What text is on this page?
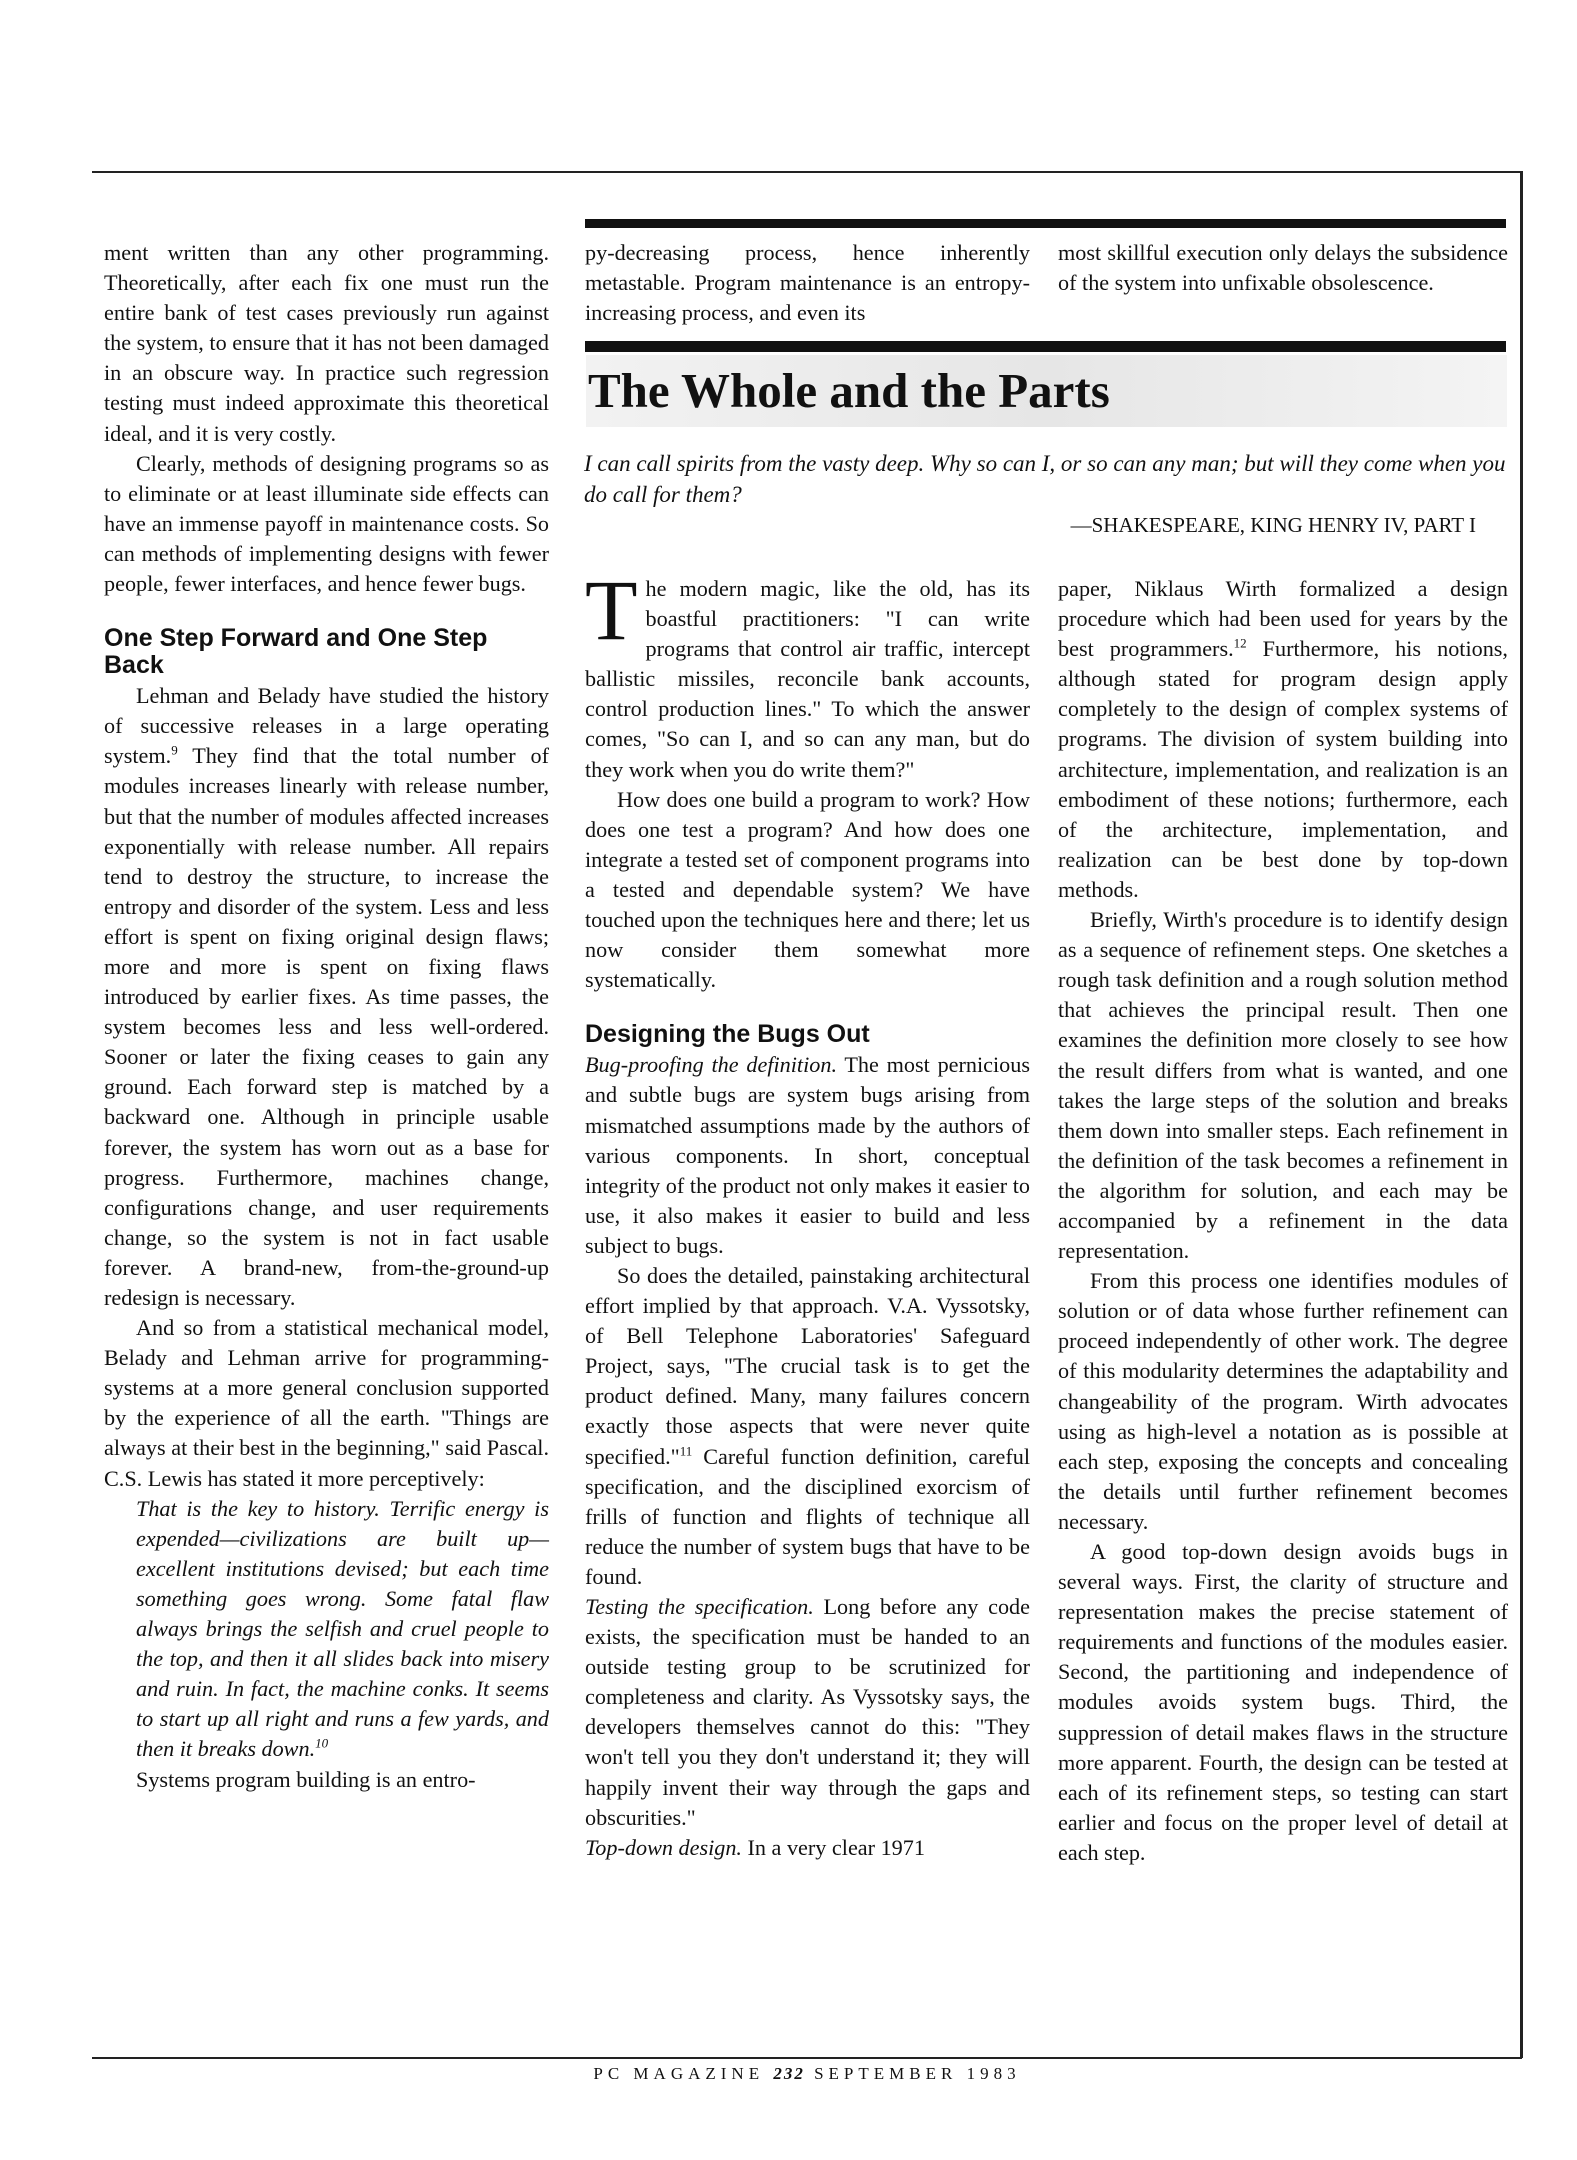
ment written than any other programming. Theoretically, after each fix one must run the entire bank of test cases previously run against the system, to ensure that it has not been damaged in an obscure way. In practice such regression testing must indeed approximate this theoretical ideal, and it is very costly.

Clearly, methods of designing programs so as to eliminate or at least illuminate side effects can have an immense payoff in maintenance costs. So can methods of implementing designs with fewer people, fewer interfaces, and hence fewer bugs.

One Step Forward and One Step Back

Lehman and Belady have studied the history of successive releases in a large operating system.$^9$ They find that the total number of modules increases linearly with release number, but that the number of modules affected increases exponentially with release number. All repairs tend to destroy the structure, to increase the entropy and disorder of the system. Less and less effort is spent on fixing original design flaws; more and more is spent on fixing flaws introduced by earlier fixes. As time passes, the system becomes less and less well-ordered. Sooner or later the fixing ceases to gain any ground. Each forward step is matched by a backward one. Although in principle usable forever, the system has worn out as a base for progress. Furthermore, machines change, configurations change, and user requirements change, so the system is not in fact usable forever. A brand-new, from-the-ground-up redesign is necessary.

And so from a statistical mechanical model, Belady and Lehman arrive for programming-systems at a more general conclusion supported by the experience of all the earth. "Things are always at their best in the beginning," said Pascal. C.S. Lewis has stated it more perceptively:

That is the key to history. Terrific energy is expended—civilizations are built up—excellent institutions devised; but each time something goes wrong. Some fatal flaw always brings the selfish and cruel people to the top, and then it all slides back into misery and ruin. In fact, the machine conks. It seems to start up all right and runs a few yards, and then it breaks down.$^{10}$

Systems program building is an entro-

py-decreasing process, hence inherently metastable. Program maintenance is an entropy-increasing process, and even its

most skillful execution only delays the subsidence of the system into unfixable obsolescence.

The Whole and the Parts
I can call spirits from the vasty deep. Why so can I, or so can any man; but will they come when you do call for them?
—SHAKESPEARE, KING HENRY IV, PART I

The modern magic, like the old, has its boastful practitioners: "I can write programs that control air traffic, intercept ballistic missiles, reconcile bank accounts, control production lines." To which the answer comes, "So can I, and so can any man, but do they work when you do write them?"

How does one build a program to work? How does one test a program? And how does one integrate a tested set of component programs into a tested and dependable system? We have touched upon the techniques here and there; let us now consider them somewhat more systematically.

Designing the Bugs Out

Bug-proofing the definition. The most pernicious and subtle bugs are system bugs arising from mismatched assumptions made by the authors of various components. In short, conceptual integrity of the product not only makes it easier to use, it also makes it easier to build and less subject to bugs.

So does the detailed, painstaking architectural effort implied by that approach. V.A. Vyssotsky, of Bell Telephone Laboratories' Safeguard Project, says, "The crucial task is to get the product defined. Many, many failures concern exactly those aspects that were never quite specified."$^{11}$ Careful function definition, careful specification, and the disciplined exorcism of frills of function and flights of technique all reduce the number of system bugs that have to be found.

Testing the specification. Long before any code exists, the specification must be handed to an outside testing group to be scrutinized for completeness and clarity. As Vyssotsky says, the developers themselves cannot do this: "They won't tell you they don't understand it; they will happily invent their way through the gaps and obscurities."

Top-down design. In a very clear 1971

paper, Niklaus Wirth formalized a design procedure which had been used for years by the best programmers.$^{12}$ Furthermore, his notions, although stated for program design apply completely to the design of complex systems of programs. The division of system building into architecture, implementation, and realization is an embodiment of these notions; furthermore, each of the architecture, implementation, and realization can be best done by top-down methods.

Briefly, Wirth's procedure is to identify design as a sequence of refinement steps. One sketches a rough task definition and a rough solution method that achieves the principal result. Then one examines the definition more closely to see how the result differs from what is wanted, and one takes the large steps of the solution and breaks them down into smaller steps. Each refinement in the definition of the task becomes a refinement in the algorithm for solution, and each may be accompanied by a refinement in the data representation.

From this process one identifies modules of solution or of data whose further refinement can proceed independently of other work. The degree of this modularity determines the adaptability and changeability of the program. Wirth advocates using as high-level a notation as is possible at each step, exposing the concepts and concealing the details until further refinement becomes necessary.

A good top-down design avoids bugs in several ways. First, the clarity of structure and representation makes the precise statement of requirements and functions of the modules easier. Second, the partitioning and independence of modules avoids system bugs. Third, the suppression of detail makes flaws in the structure more apparent. Fourth, the design can be tested at each of its refinement steps, so testing can start earlier and focus on the proper level of detail at each step.

PC MAGAZINE 232 SEPTEMBER 1983
